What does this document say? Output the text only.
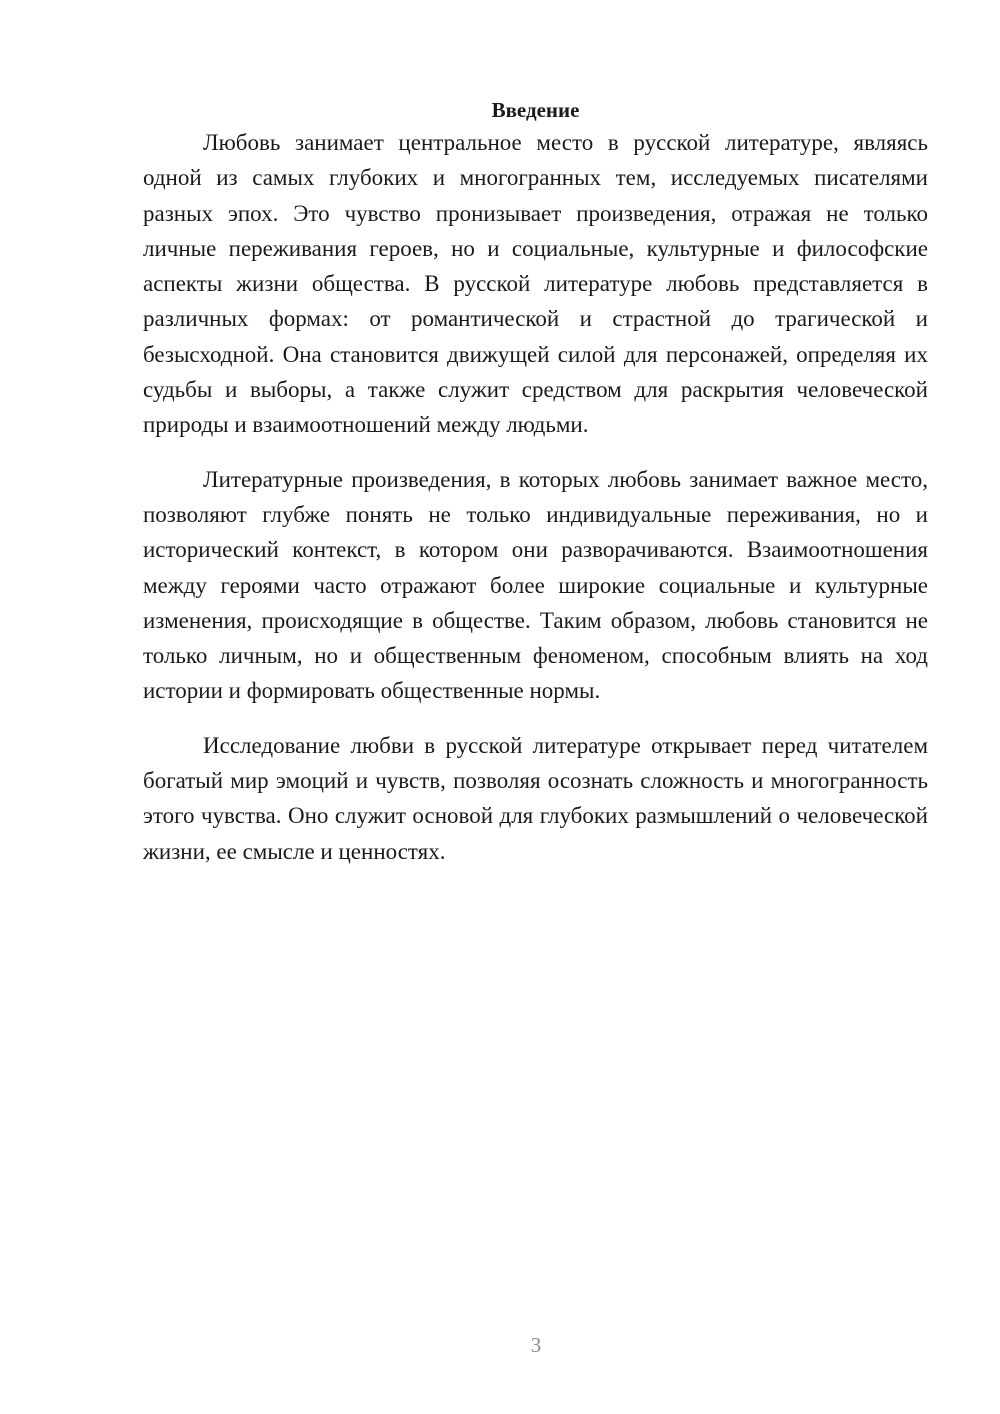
Введение

Любовь занимает центральное место в русской литературе, являясь одной из самых глубоких и многогранных тем, исследуемых писателями разных эпох. Это чувство пронизывает произведения, отражая не только личные переживания героев, но и социальные, культурные и философские аспекты жизни общества. В русской литературе любовь представляется в различных формах: от романтической и страстной до трагической и безысходной. Она становится движущей силой для персонажей, определяя их судьбы и выборы, а также служит средством для раскрытия человеческой природы и взаимоотношений между людьми.

Литературные произведения, в которых любовь занимает важное место, позволяют глубже понять не только индивидуальные переживания, но и исторический контекст, в котором они разворачиваются. Взаимоотношения между героями часто отражают более широкие социальные и культурные изменения, происходящие в обществе. Таким образом, любовь становится не только личным, но и общественным феноменом, способным влиять на ход истории и формировать общественные нормы.

Исследование любви в русской литературе открывает перед читателем богатый мир эмоций и чувств, позволяя осознать сложность и многогранность этого чувства. Оно служит основой для глубоких размышлений о человеческой жизни, ее смысле и ценностях.

3
